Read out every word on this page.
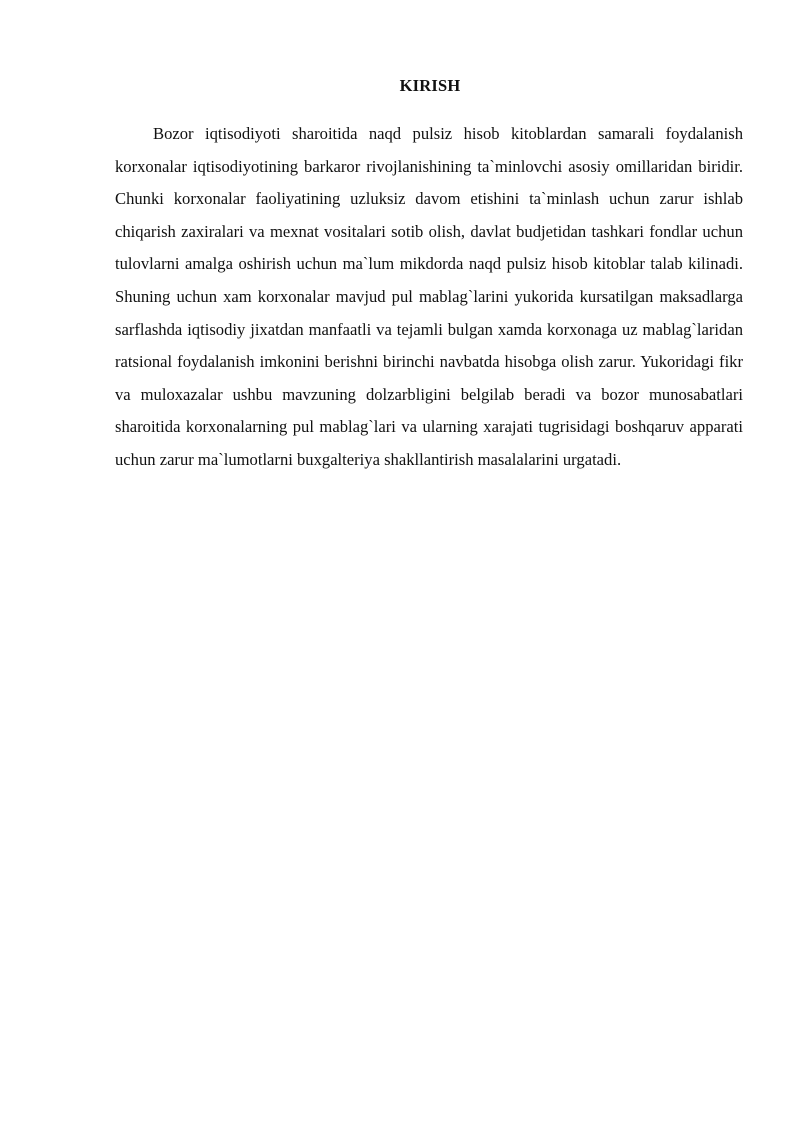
KIRISH

Bozor iqtisodiyoti sharoitida naqd pulsiz hisob kitoblardan samarali foydalanish korxonalar iqtisodiyotining barkaror rivojlanishining ta`minlovchi asosiy omillaridan biridir. Chunki korxonalar faoliyatining uzluksiz davom etishini ta`minlash uchun zarur ishlab chiqarish zaxiralari va mexnat vositalari sotib olish, davlat budjetidan tashkari fondlar uchun tulovlarni amalga oshirish uchun ma`lum mikdorda naqd pulsiz hisob kitoblar talab kilinadi. Shuning uchun xam korxonalar mavjud pul mablag`larini yukorida kursatilgan maksadlarga sarflashda iqtisodiy jixatdan manfaatli va tejamli bulgan xamda korxonaga uz mablag`laridan ratsional foydalanish imkonini berishni birinchi navbatda hisobga olish zarur. Yukoridagi fikr va muloxazalar ushbu mavzuning dolzarbligini belgilab beradi va bozor munosabatlari sharoitida korxonalarning pul mablag`lari va ularning xarajati tugrisidagi boshqaruv apparati uchun zarur ma`lumotlarni buxgalteriya shakllantirish masalalarini urgatadi.
